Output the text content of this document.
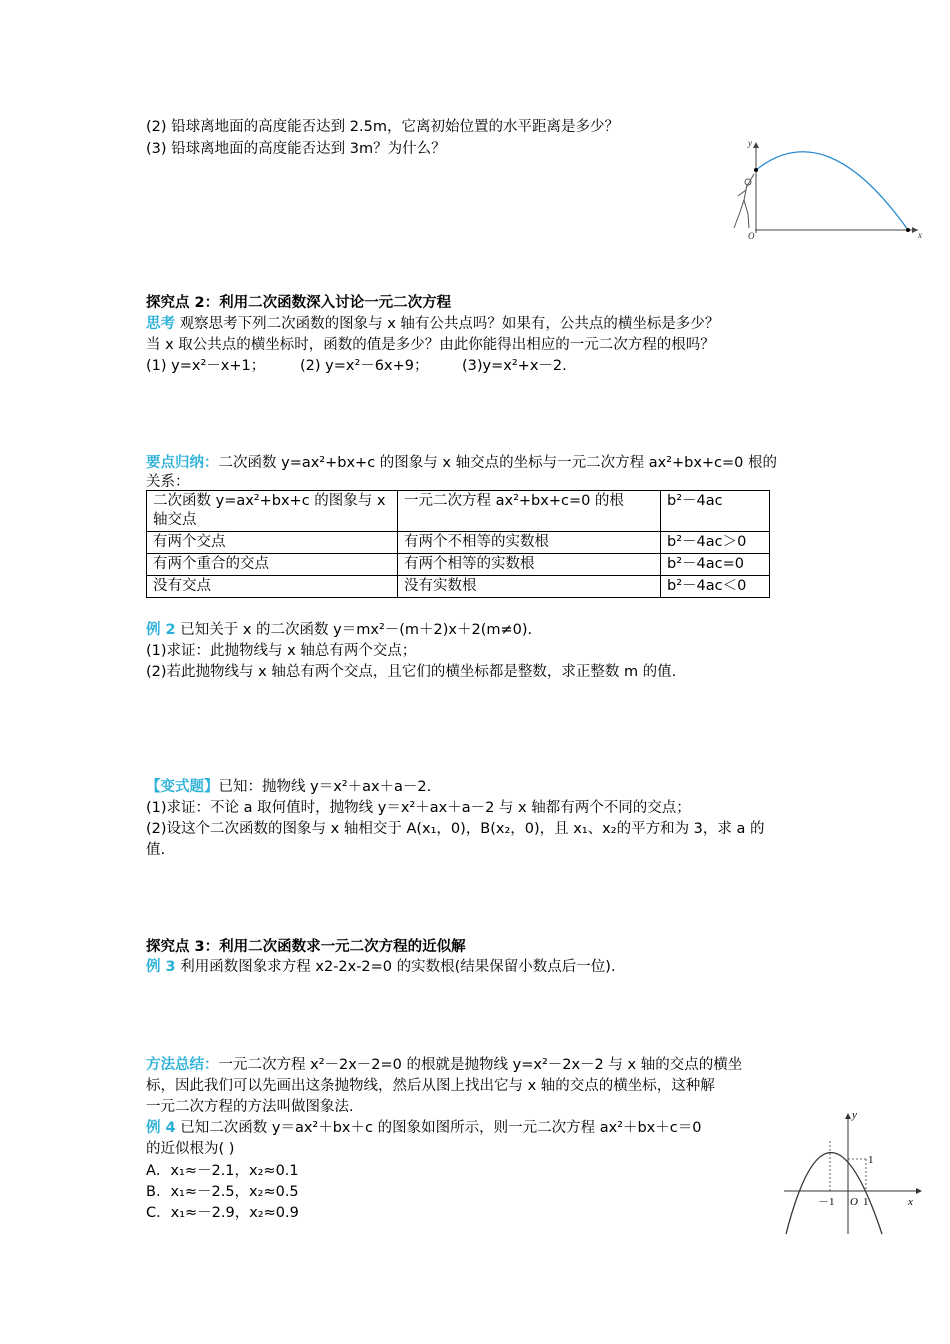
(2) 铅球离地面的高度能否达到 2.5m，它离初始位置的水平距离是多少？
(3) 铅球离地面的高度能否达到 3m？为什么？	y
O	x
探究点 2：利用二次函数深入讨论一元二次方程
思考 观察思考下列二次函数的图象与 x 轴有公共点吗？如果有，公共点的横坐标是多少？
当 x 取公共点的横坐标时，函数的值是多少？由此你能得出相应的一元二次方程的根吗？
(1) y=x²－x+1； (2) y=x²－6x+9； (3)y=x²+x－2.
要点归纳：二次函数 y=ax²+bx+c 的图象与 x 轴交点的坐标与一元二次方程 ax²+bx+c=0 根的
关系：
二次函数 y=ax²+bx+c 的图象与 x 轴交点	一元二次方程 ax²+bx+c=0 的根	b²－4ac
有两个交点	有两个不相等的实数根	b²－4ac＞0
有两个重合的交点	有两个相等的实数根	b²－4ac=0
没有交点	没有实数根	b²－4ac＜0
例 2 已知关于 x 的二次函数 y＝mx²－(m＋2)x＋2(m≠0).
(1)求证：此抛物线与 x 轴总有两个交点；
(2)若此抛物线与 x 轴总有两个交点，且它们的横坐标都是整数，求正整数 m 的值.
【变式题】已知：抛物线 y＝x²＋ax＋a－2.
(1)求证：不论 a 取何值时，抛物线 y＝x²＋ax＋a－2 与 x 轴都有两个不同的交点；
(2)设这个二次函数的图象与 x 轴相交于 A(x₁，0)，B(x₂，0)，且 x₁、x₂的平方和为 3，求 a 的
值.
探究点 3：利用二次函数求一元二次方程的近似解
例 3 利用函数图象求方程 x2-2x-2=0 的实数根(结果保留小数点后一位).
方法总结：一元二次方程 x²－2x－2=0 的根就是抛物线 y=x²－2x－2 与 x 轴的交点的横坐
标，因此我们可以先画出这条抛物线，然后从图上找出它与 x 轴的交点的横坐标，这种解
一元二次方程的方法叫做图象法.
例 4 已知二次函数 y＝ax²＋bx＋c 的图象如图所示，则一元二次方程 ax²＋bx＋c＝0
的近似根为( )
A．x₁≈－2.1，x₂≈0.1
B．x₁≈－2.5，x₂≈0.5
C．x₁≈－2.9，x₂≈0.9
y
x
O
－1	1
1
